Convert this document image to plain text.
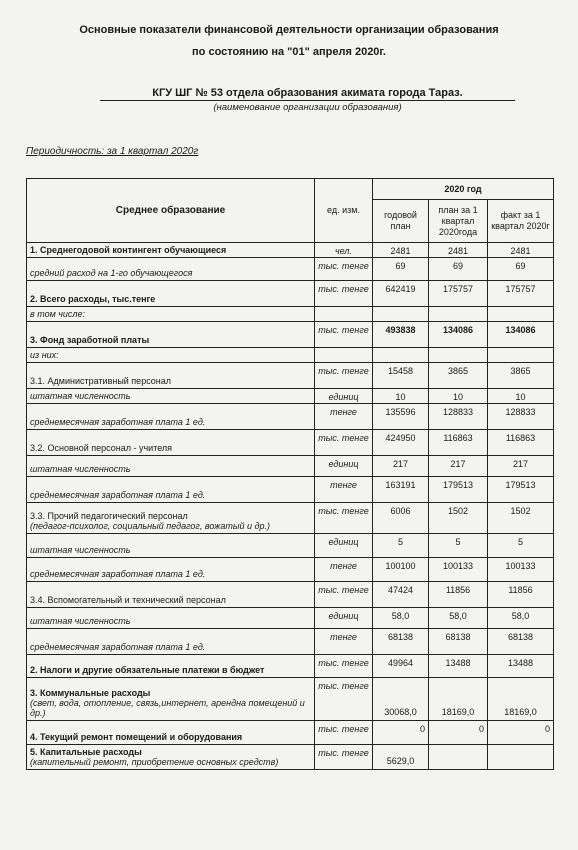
Основные показатели финансовой деятельности организации образования
по состоянию на "01" апреля 2020г.
КГУ ШГ № 53 отдела образования акимата города Тараз.
(наименование организации образования)
Периодичность: за 1 квартал 2020г
Среднее образование	ед. изм.	2020 год		
		годовой план	план за 1 квартал 2020года	факт за 1 квартал 2020г

1. Среднегодовой контингент обучающиеся	чел.	2481	2481	2481

средний расход на 1-го обучающегося	тыс. тенге	69	69	69

2. Всего расходы, тыс.тенге	тыс. тенге	642419	175757	175757

в том числе:				

3. Фонд заработной платы	тыс. тенге	493838	134086	134086

из них:				

3.1. Административный персонал	тыс. тенге	15458	3865	3865

штатная численность	единиц	10	10	10

среднемесячная заработная плата 1 ед.	тенге	135596	128833	128833

3.2. Основной персонал - учителя	тыс. тенге	424950	116863	116863

штатная численность	единиц	217	217	217

среднемесячная заработная плата 1 ед.	тенге	163191	179513	179513

3.3. Прочий педагогический персонал
(педагог-психолог, социальный педагог, вожатый и др.)	тыс. тенге	6006	1502	1502

штатная численность	единиц	5	5	5

среднемесячная заработная плата 1 ед.	тенге	100100	100133	100133

3.4. Вспомогательный и технический персонал	тыс. тенге	47424	11856	11856

штатная численность	единиц	58,0	58,0	58,0

среднемесячная заработная плата 1 ед.	тенге	68138	68138	68138

2. Налоги и другие обязательные платежи в бюджет	тыс. тенге	49964	13488	13488

3. Коммунальные расходы
(свет, вода, отопление, связь,интернет, арендна помещений и др.)	тыс. тенге	30068,0	18169,0	18169,0

4. Текущий ремонт помещений и оборудования	тыс. тенге	0	0	0

5. Капитальные расходы
(капительный ремонт, приобретение основных средств)	тыс. тенге	5629,0		
